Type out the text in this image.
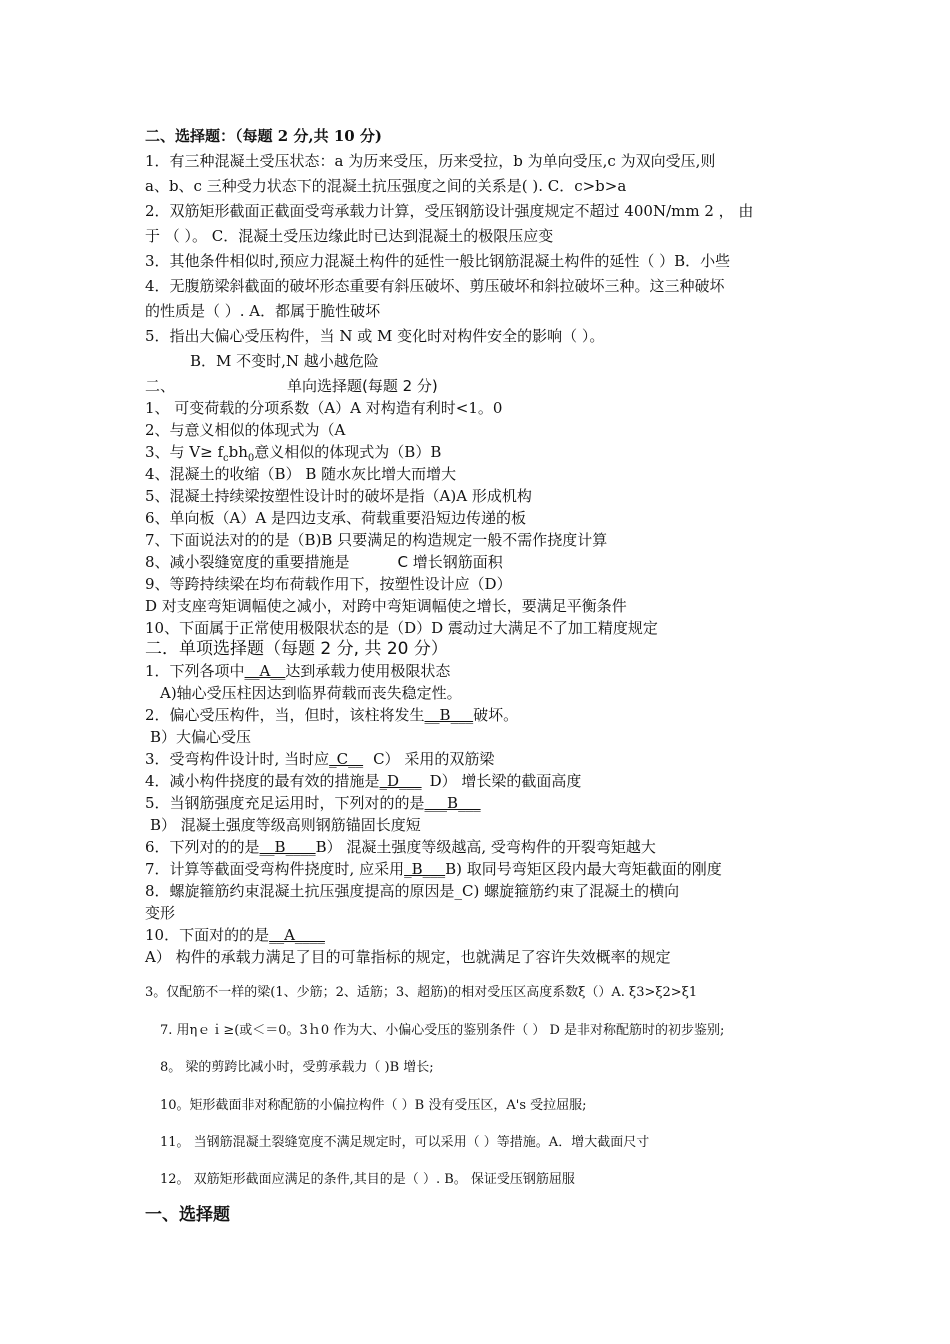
二、选择题：（每题 2 分,共 10 分)
1．有三种混凝土受压状态：a 为历来受压，历来受拉，b 为单向受压,c 为双向受压,则
a、b、c 三种受力状态下的混凝土抗压强度之间的关系是( ). C．c>b>a
2．双筋矩形截面正截面受弯承载力计算，受压钢筋设计强度规定不超过 400N/mm 2 ， 由
于 （ ）。 C．混凝土受压边缘此时已达到混凝土的极限压应变
3．其他条件相似时,预应力混凝土构件的延性一般比钢筋混凝土构件的延性（ ）B．小些
4．无腹筋梁斜截面的破坏形态重要有斜压破坏、剪压破坏和斜拉破坏三种。这三种破坏
的性质是（ ）. A．都属于脆性破坏
5．指出大偏心受压构件，当 N 或 M 变化时对构件安全的影响（ ）。
B．M 不变时,N 越小越危险
二、	单向选择题(每题 2 分)
1、 可变荷载的分项系数（A）A 对构造有利时<1。0
2、与意义相似的体现式为（A
3、与 $V\ge f_cbh_0$意义相似的体现式为（B）B
4、混凝土的收缩（B） B 随水灰比增大而增大
5、混凝土持续梁按塑性设计时的破坏是指（A)A 形成机构
6、单向板（A）A 是四边支承、荷载重要沿短边传递的板
7、下面说法对的的是（B)B 只要满足的构造规定一般不需作挠度计算
8、减小裂缝宽度的重要措施是	C 增长钢筋面积
9、等跨持续梁在均布荷载作用下，按塑性设计应（D）
D 对支座弯矩调幅使之减小，对跨中弯矩调幅使之增长，要满足平衡条件
10、下面属于正常使用极限状态的是（D）D 震动过大满足不了加工精度规定
二．单项选择题（每题 2 分, 共 20 分）
1．下列各项中__A__达到承载力使用极限状态
A)轴心受压柱因达到临界荷载而丧失稳定性。
2．偏心受压构件，当，但时，该柱将发生__B___破坏。
B）大偏心受压
3．受弯构件设计时, 当时应_C__ C） 采用的双筋梁
4．减小构件挠度的最有效的措施是_D___ D） 增长梁的截面高度
5．当钢筋强度充足运用时，下列对的的是___B___
B） 混凝土强度等级高则钢筋锚固长度短
6．下列对的的是__B____B） 混凝土强度等级越高, 受弯构件的开裂弯矩越大
7．计算等截面受弯构件挠度时, 应采用_B___B) 取同号弯矩区段内最大弯矩截面的刚度
8．螺旋箍筋约束混凝土抗压强度提高的原因是_C) 螺旋箍筋约束了混凝土的横向
变形
10．下面对的的是__A____
A） 构件的承载力满足了目的可靠指标的规定，也就满足了容许失效概率的规定
3。仅配筋不一样的梁(1、少筋；2、适筋；3、超筋)的相对受压区高度系数ξ（）A. ξ3>ξ2>ξ1
7. 用ηｅｉ≥(或＜＝0。3ｈ0 作为大、小偏心受压的鉴别条件（ ） D 是非对称配筋时的初步鉴别;
8。 梁的剪跨比减小时，受剪承载力（ )B 增长;
10。矩形截面非对称配筋的小偏拉构件（ ）B 没有受压区，A's 受拉屈服;
11。 当钢筋混凝土裂缝宽度不满足规定时，可以采用（ ）等措施。A．增大截面尺寸
12。 双筋矩形截面应满足的条件,其目的是（ ）. B。 保证受压钢筋屈服
一、选择题
